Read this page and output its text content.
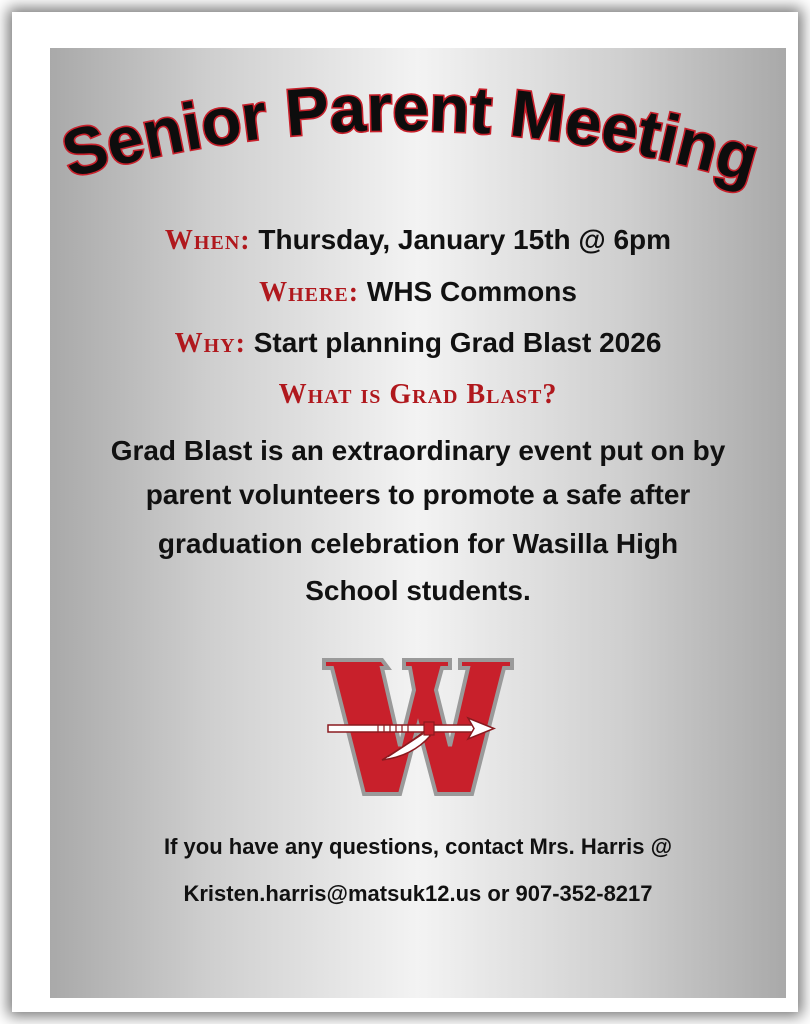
Senior Parent Meeting
When: Thursday, January 15th @ 6pm
Where: WHS Commons
Why: Start planning Grad Blast 2026
What is Grad Blast?
Grad Blast is an extraordinary event put on by
parent volunteers to promote a safe after
graduation celebration for Wasilla High
School students.
If you have any questions, contact Mrs. Harris @
Kristen.harris@matsuk12.us or 907-352-8217
